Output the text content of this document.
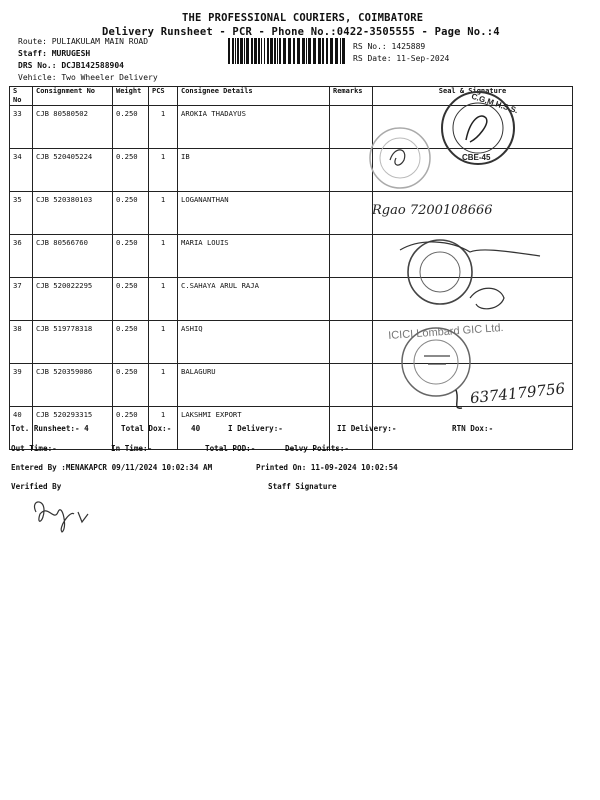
THE PROFESSIONAL COURIERS, COIMBATORE
Delivery Runsheet - PCR - Phone No.:0422-3505555 - Page No.:4
Route: PULIAKULAM MAIN ROAD
Staff: MURUGESH
DRS No.: DCJB142588904
Vehicle: Two Wheeler Delivery
RS No.: 1425889
RS Date: 11-Sep-2024
S No	Consignment No	Weight	PCS	Consignee Details	Remarks	Seal & Signature
33	CJB 80580502	0.250	1	AROKIA THADAYUS		
34	CJB 520405224	0.250	1	IB		
35	CJB 520380103	0.250	1	LOGANANTHAN		
36	CJB 80566760	0.250	1	MARIA LOUIS		
37	CJB 520022295	0.250	1	C.SAHAYA ARUL RAJA		
38	CJB 519778318	0.250	1	ASHIQ		
39	CJB 520359086	0.250	1	BALAGURU		
40	CJB 520293315	0.250	1	LAKSHMI EXPORT		
C.G.M.H.S.S.
CBE-45
Rgao 7200108666
ICICI Lombard GIC Ltd.
6374179756
Tot. Runsheet:- 4	Total Dox:-	40	I Delivery:-	II Delivery:-	RTN Dox:-
Out Time:-	In Time:-	Total POD:-	Delvy Points:-
Entered By :MENAKAPCR 09/11/2024 10:02:34 AM	Printed On: 11-09-2024 10:02:54
Verified By	Staff Signature
